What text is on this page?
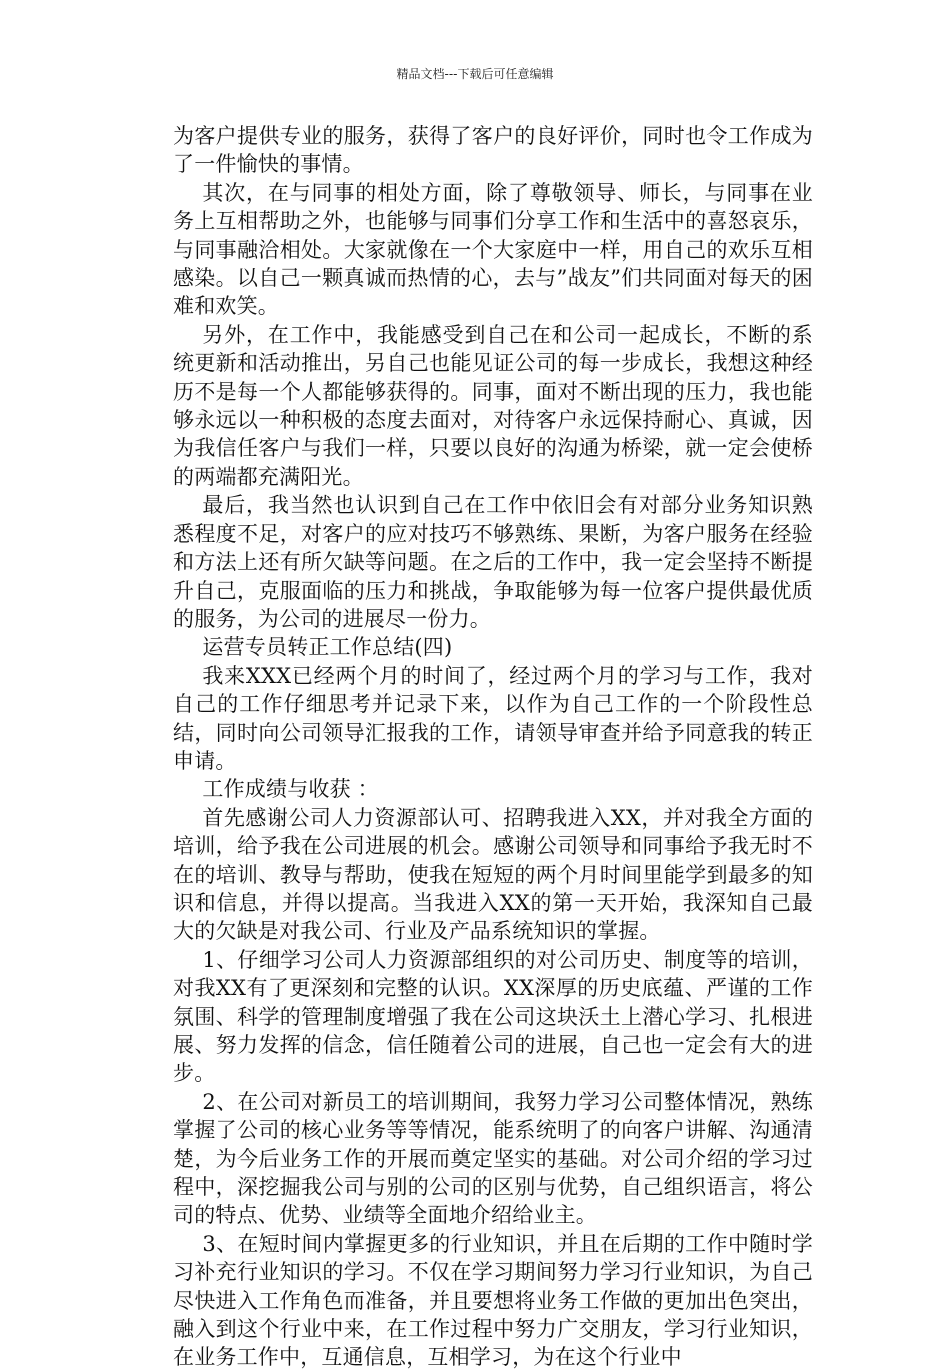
精品文档---下载后可任意编辑

为客户提供专业的服务，获得了客户的良好评价，同时也令工作成为了一件愉快的事情。

其次，在与同事的相处方面，除了尊敬领导、师长，与同事在业务上互相帮助之外，也能够与同事们分享工作和生活中的喜怒哀乐，与同事融洽相处。大家就像在一个大家庭中一样，用自己的欢乐互相感染。以自己一颗真诚而热情的心，去与”战友”们共同面对每天的困难和欢笑。

另外，在工作中，我能感受到自己在和公司一起成长，不断的系统更新和活动推出，另自己也能见证公司的每一步成长，我想这种经历不是每一个人都能够获得的。同事，面对不断出现的压力，我也能够永远以一种积极的态度去面对，对待客户永远保持耐心、真诚，因为我信任客户与我们一样，只要以良好的沟通为桥梁，就一定会使桥的两端都充满阳光。

最后，我当然也认识到自己在工作中依旧会有对部分业务知识熟悉程度不足，对客户的应对技巧不够熟练、果断，为客户服务在经验和方法上还有所欠缺等问题。在之后的工作中，我一定会坚持不断提升自己，克服面临的压力和挑战，争取能够为每一位客户提供最优质的服务，为公司的进展尽一份力。

运营专员转正工作总结(四)

我来XXX已经两个月的时间了，经过两个月的学习与工作，我对自己的工作仔细思考并记录下来，以作为自己工作的一个阶段性总结，同时向公司领导汇报我的工作，请领导审查并给予同意我的转正申请。

工作成绩与收获 ：

首先感谢公司人力资源部认可、招聘我进入XX，并对我全方面的培训，给予我在公司进展的机会。感谢公司领导和同事给予我无时不在的培训、教导与帮助，使我在短短的两个月时间里能学到最多的知识和信息，并得以提高。当我进入XX的第一天开始，我深知自己最大的欠缺是对我公司、行业及产品系统知识的掌握。

1、仔细学习公司人力资源部组织的对公司历史、制度等的培训，对我XX有了更深刻和完整的认识。XX深厚的历史底蕴、严谨的工作氛围、科学的管理制度增强了我在公司这块沃土上潜心学习、扎根进展、努力发挥的信念，信任随着公司的进展，自己也一定会有大的进步。

2、在公司对新员工的培训期间，我努力学习公司整体情况，熟练掌握了公司的核心业务等等情况，能系统明了的向客户讲解、沟通清楚，为今后业务工作的开展而奠定坚实的基础。对公司介绍的学习过程中，深挖掘我公司与别的公司的区别与优势，自己组织语言，将公司的特点、优势、业绩等全面地介绍给业主。

3、在短时间内掌握更多的行业知识，并且在后期的工作中随时学习补充行业知识的学习。不仅在学习期间努力学习行业知识，为自己尽快进入工作角色而准备，并且要想将业务工作做的更加出色突出，融入到这个行业中来，在工作过程中努力广交朋友，学习行业知识，在业务工作中，互通信息，互相学习，为在这个行业中
